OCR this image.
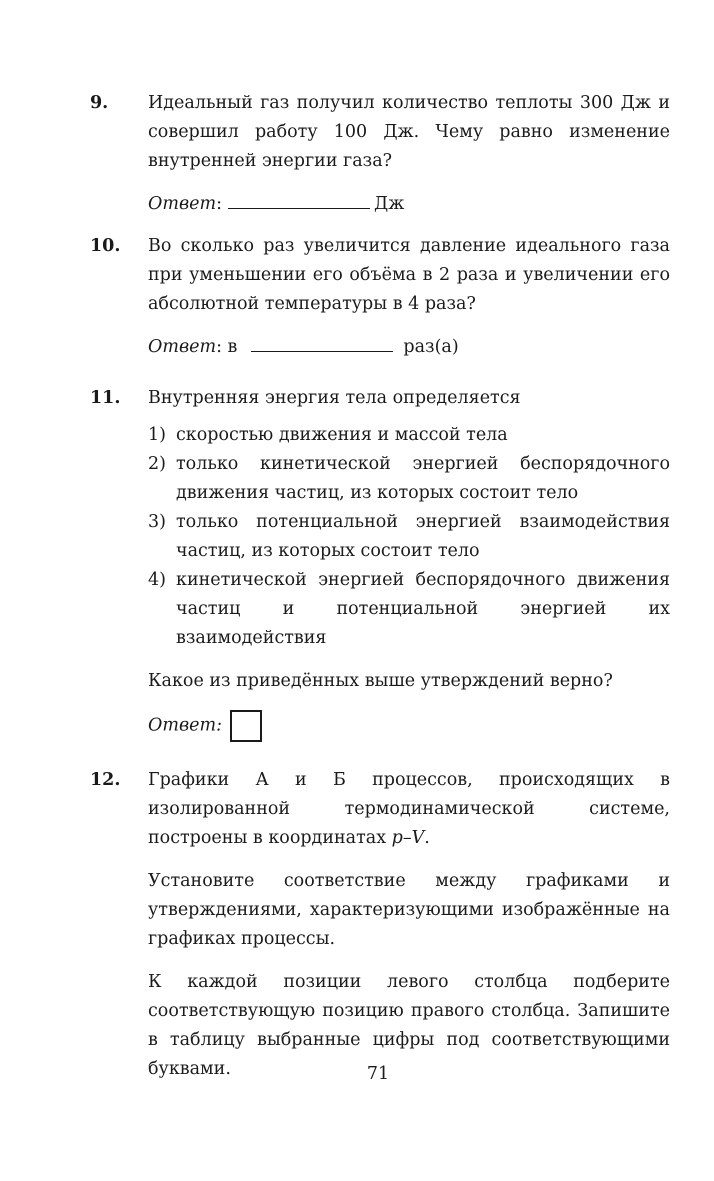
9. Идеальный газ получил количество теплоты 300 Дж и совершил работу 100 Дж. Чему равно изменение внутренней энергии газа?

Ответ:	Дж
10. Во сколько раз увеличится давление идеального газа при уменьшении его объёма в 2 раза и увеличении его абсолютной температуры в 4 раза?

Ответ: в	раз(а)
11. Внутренняя энергия тела определяется

1) скоростью движения и массой тела
2) только кинетической энергией беспорядочного движения частиц, из которых состоит тело
3) только потенциальной энергией взаимодействия частиц, из которых состоит тело
4) кинетической энергией беспорядочного движения частиц и потенциальной энергией их взаимодействия

Какое из приведённых выше утверждений верно?

Ответ:
12. Графики А и Б процессов, происходящих в изолированной термодинамической системе, построены в координатах p–V.

Установите соответствие между графиками и утверждениями, характеризующими изображённые на графиках процессы.

К каждой позиции левого столбца подберите соответствующую позицию правого столбца. Запишите в таблицу выбранные цифры под соответствующими буквами.	71
